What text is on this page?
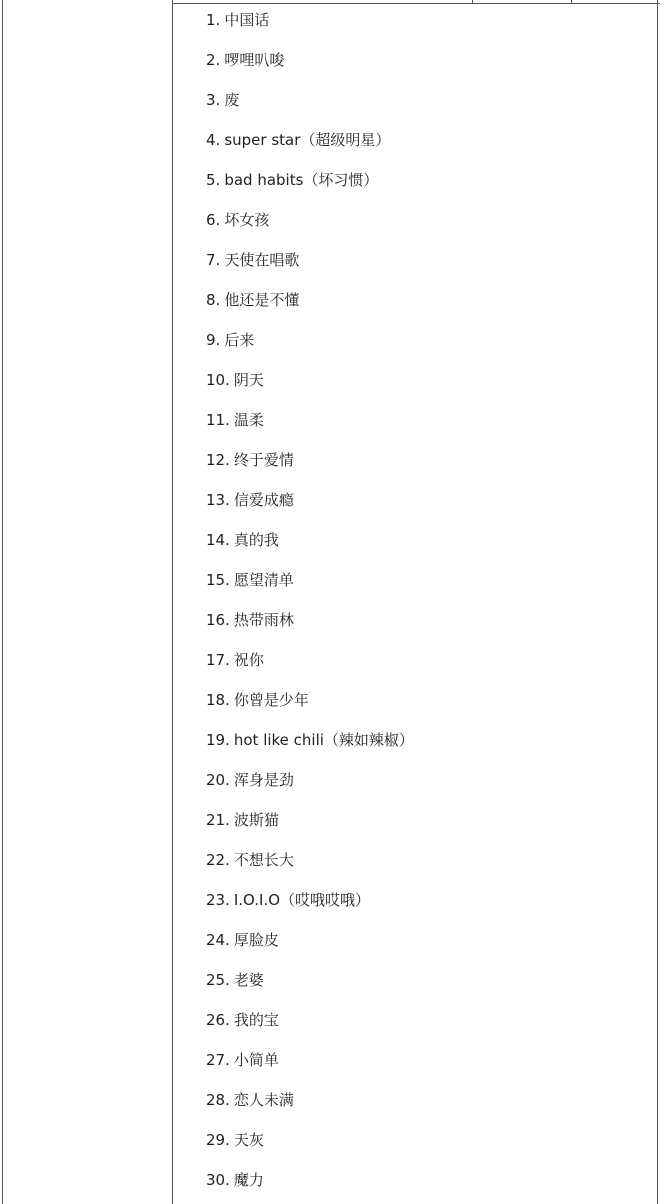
1. 中国话
2. 啰哩叭唆
3. 废
4. super star（超级明星）
5. bad habits（坏习惯）
6. 坏女孩
7. 天使在唱歌
8. 他还是不懂
9. 后来
10. 阴天
11. 温柔
12. 终于爱情
13. 信爱成瘾
14. 真的我
15. 愿望清单
16. 热带雨林
17. 祝你
18. 你曾是少年
19. hot like chili（辣如辣椒）
20. 浑身是劲
21. 波斯猫
22. 不想长大
23. I.O.I.O（哎哦哎哦）
24. 厚脸皮
25. 老婆
26. 我的宝
27. 小简单
28. 恋人未满
29. 天灰
30. 魔力
